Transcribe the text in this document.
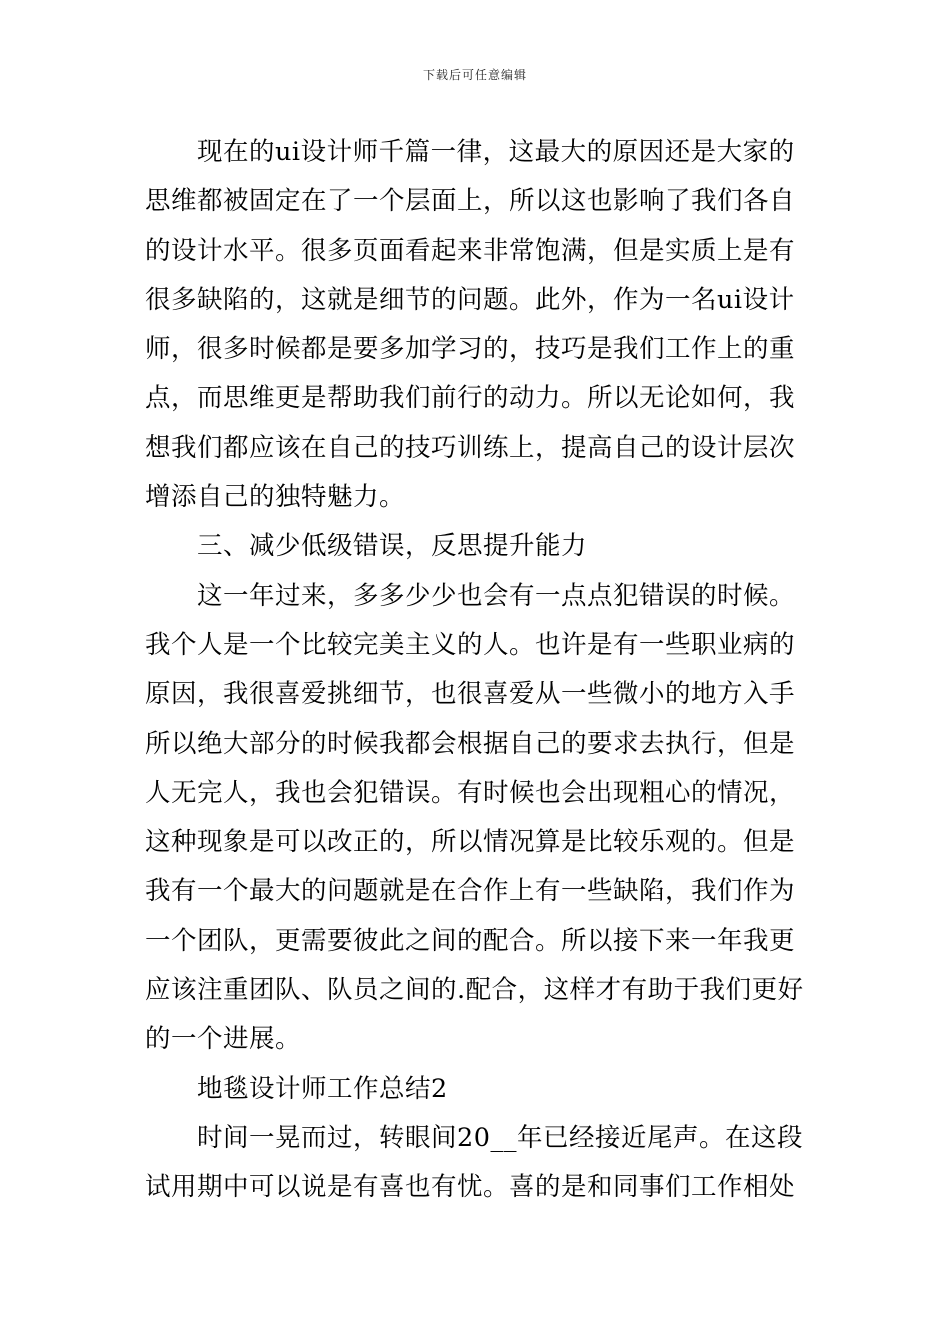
下载后可任意编辑
现在的ui设计师千篇一律，这最大的原因还是大家的
思维都被固定在了一个层面上，所以这也影响了我们各自
的设计水平。很多页面看起来非常饱满，但是实质上是有
很多缺陷的，这就是细节的问题。此外，作为一名ui设计
师，很多时候都是要多加学习的，技巧是我们工作上的重
点，而思维更是帮助我们前行的动力。所以无论如何，我
想我们都应该在自己的技巧训练上，提高自己的设计层次
增添自己的独特魅力。
三、减少低级错误，反思提升能力
这一年过来，多多少少也会有一点点犯错误的时候。
我个人是一个比较完美主义的人。也许是有一些职业病的
原因，我很喜爱挑细节，也很喜爱从一些微小的地方入手
所以绝大部分的时候我都会根据自己的要求去执行，但是
人无完人，我也会犯错误。有时候也会出现粗心的情况，
这种现象是可以改正的，所以情况算是比较乐观的。但是
我有一个最大的问题就是在合作上有一些缺陷，我们作为
一个团队，更需要彼此之间的配合。所以接下来一年我更
应该注重团队、队员之间的.配合，这样才有助于我们更好
的一个进展。
地毯设计师工作总结2
时间一晃而过，转眼间20__年已经接近尾声。在这段
试用期中可以说是有喜也有忧。喜的是和同事们工作相处
